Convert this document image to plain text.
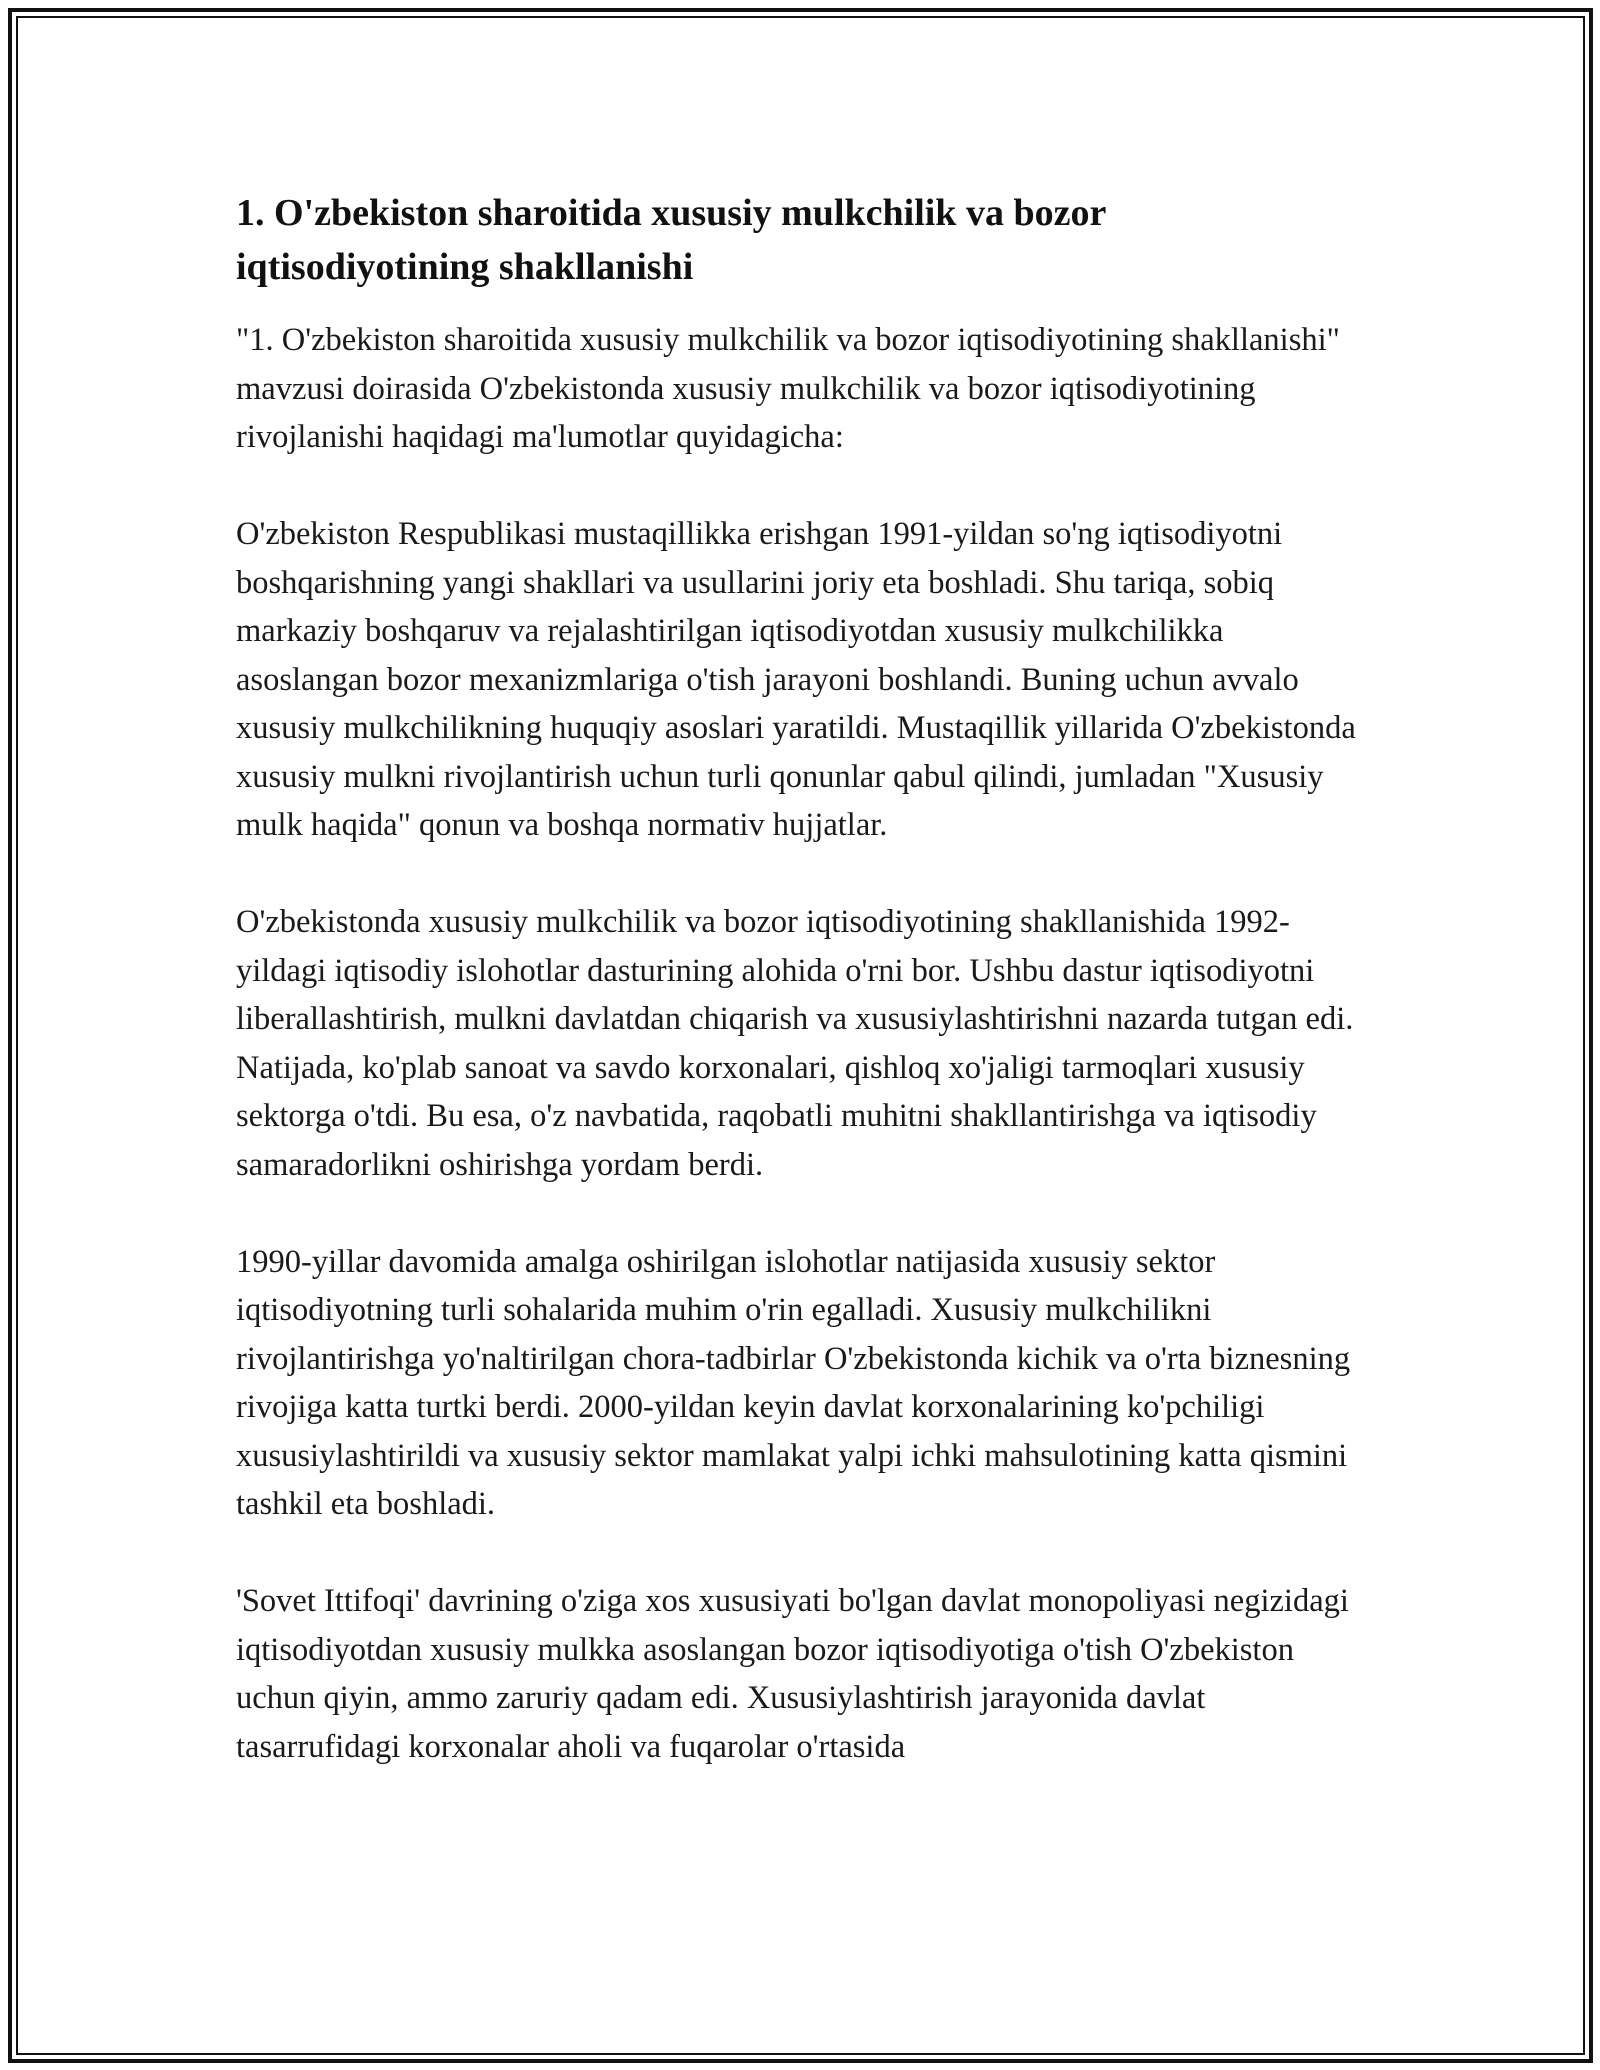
1. O'zbekiston sharoitida xususiy mulkchilik va bozor iqtisodiyotining shakllanishi

"1. O'zbekiston sharoitida xususiy mulkchilik va bozor iqtisodiyotining shakllanishi" mavzusi doirasida O'zbekistonda xususiy mulkchilik va bozor iqtisodiyotining rivojlanishi haqidagi ma'lumotlar quyidagicha:

O'zbekiston Respublikasi mustaqillikka erishgan 1991-yildan so'ng iqtisodiyotni boshqarishning yangi shakllari va usullarini joriy eta boshladi. Shu tariqa, sobiq markaziy boshqaruv va rejalashtirilgan iqtisodiyotdan xususiy mulkchilikka asoslangan bozor mexanizmlariga o'tish jarayoni boshlandi. Buning uchun avvalo xususiy mulkchilikning huquqiy asoslari yaratildi. Mustaqillik yillarida O'zbekistonda xususiy mulkni rivojlantirish uchun turli qonunlar qabul qilindi, jumladan "Xususiy mulk haqida" qonun va boshqa normativ hujjatlar.

O'zbekistonda xususiy mulkchilik va bozor iqtisodiyotining shakllanishida 1992-yildagi iqtisodiy islohotlar dasturining alohida o'rni bor. Ushbu dastur iqtisodiyotni liberallashtirish, mulkni davlatdan chiqarish va xususiylashtirishni nazarda tutgan edi. Natijada, ko'plab sanoat va savdo korxonalari, qishloq xo'jaligi tarmoqlari xususiy sektorga o'tdi. Bu esa, o'z navbatida, raqobatli muhitni shakllantirishga va iqtisodiy samaradorlikni oshirishga yordam berdi.

1990-yillar davomida amalga oshirilgan islohotlar natijasida xususiy sektor iqtisodiyotning turli sohalarida muhim o'rin egalladi. Xususiy mulkchilikni rivojlantirishga yo'naltirilgan chora-tadbirlar O'zbekistonda kichik va o'rta biznesning rivojiga katta turtki berdi. 2000-yildan keyin davlat korxonalarining ko'pchiligi xususiylashtirildi va xususiy sektor mamlakat yalpi ichki mahsulotining katta qismini tashkil eta boshladi.

'Sovet Ittifoqi' davrining o'ziga xos xususiyati bo'lgan davlat monopoliyasi negizidagi iqtisodiyotdan xususiy mulkka asoslangan bozor iqtisodiyotiga o'tish O'zbekiston uchun qiyin, ammo zaruriy qadam edi. Xususiylashtirish jarayonida davlat tasarrufidagi korxonalar aholi va fuqarolar o'rtasida
